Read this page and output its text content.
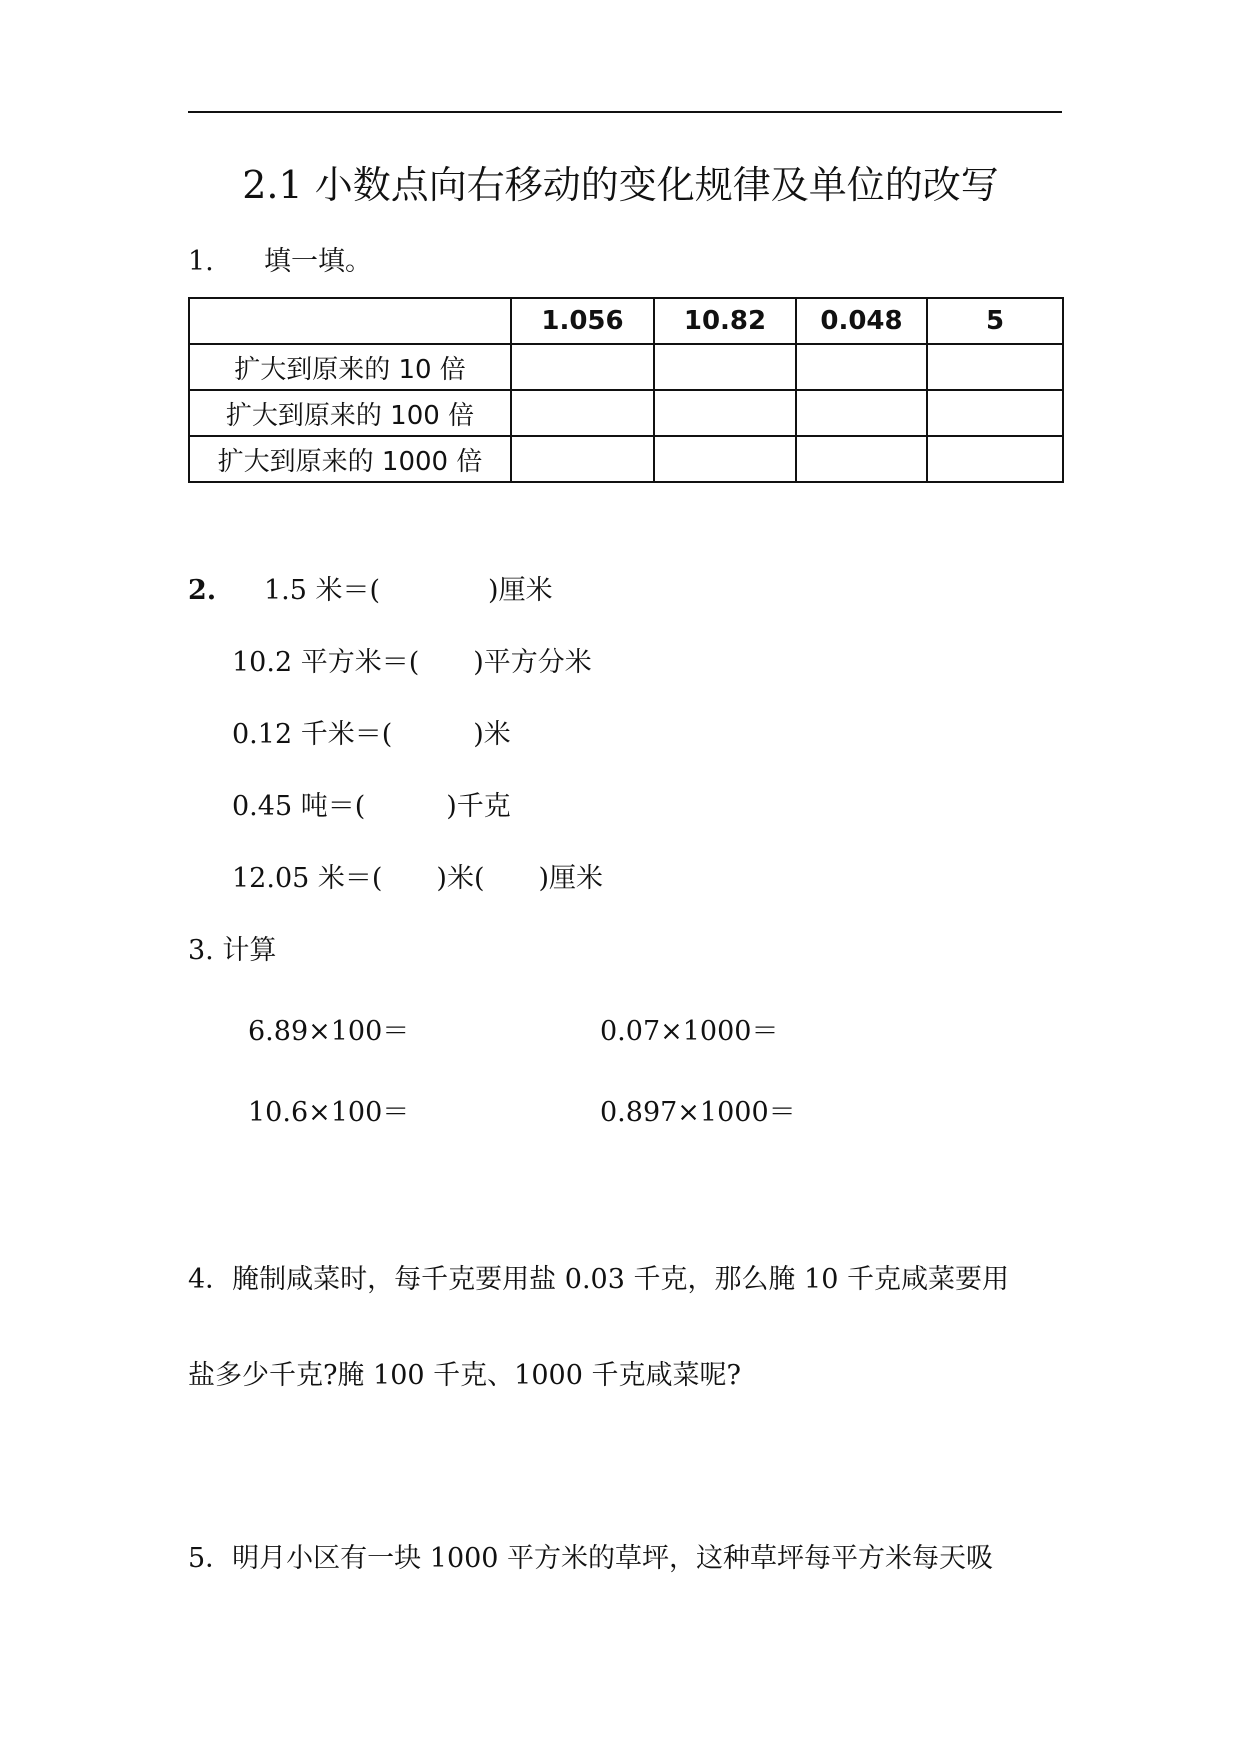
2.1 小数点向右移动的变化规律及单位的改写
1. 填一填。
	1.056	10.82	0.048	5
扩大到原来的 10 倍				
扩大到原来的 100 倍				
扩大到原来的 1000 倍				
2. 1.5 米＝(　　　　)厘米
10.2 平方米＝(　　)平方分米
0.12 千米＝(　　　)米
0.45 吨＝(　　　)千克
12.05 米＝(　　)米(　　)厘米
3. 计算
6.89×100＝	0.07×1000＝
10.6×100＝	0.897×1000＝
4．腌制咸菜时，每千克要用盐 0.03 千克，那么腌 10 千克咸菜要用
盐多少千克?腌 100 千克、1000 千克咸菜呢?
5．明月小区有一块 1000 平方米的草坪，这种草坪每平方米每天吸
